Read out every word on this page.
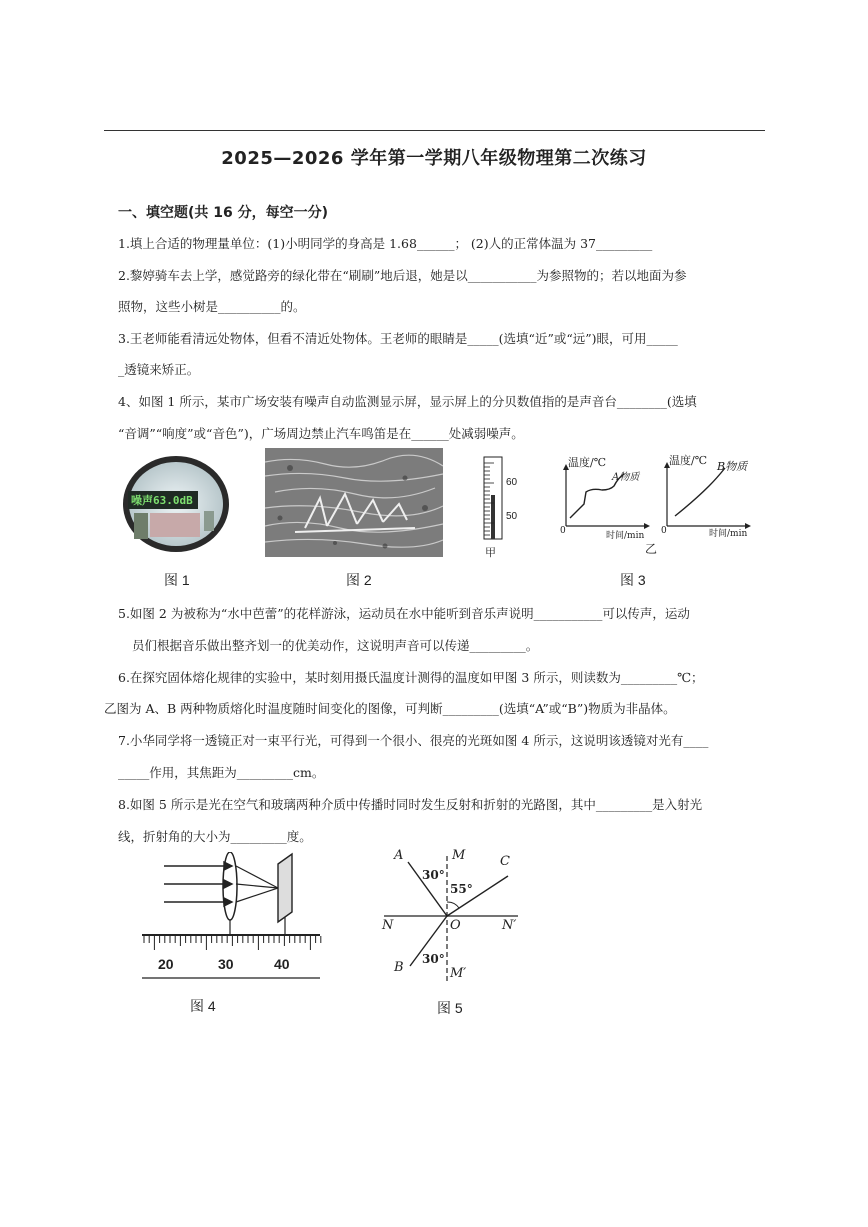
2025—2026 学年第一学期八年级物理第二次练习
一、填空题(共 16 分，每空一分)
1.填上合适的物理量单位：(1)小明同学的身高是 1.68______； (2)人的正常体温为 37_________
2.黎婷骑车去上学，感觉路旁的绿化带在“刷刷”地后退，她是以___________为参照物的；若以地面为参
照物，这些小树是__________的。
3.王老师能看清远处物体，但看不清近处物体。王老师的眼睛是_____(选填“近”或“远”)眼，可用_____
_透镜来矫正。
4、如图 1 所示，某市广场安装有噪声自动监测显示屏，显示屏上的分贝数值指的是声音台________(选填
“音调”“响度”或“音色”)，广场周边禁止汽车鸣笛是在______处减弱噪声。
噪声63.0dB
图 1	图 2
60
50
甲
温度/℃
A物质
0	时间/min
温度/℃ B物质
0	时间/min
乙
图 3
5.如图 2 为被称为“水中芭蕾”的花样游泳，运动员在水中能听到音乐声说明___________可以传声，运动
员们根据音乐做出整齐划一的优美动作，这说明声音可以传递_________。
6.在探究固体熔化规律的实验中，某时刻用摄氏温度计测得的温度如甲图 3 所示，则读数为_________℃；
乙图为 A、B 两种物质熔化时温度随时间变化的图像，可判断_________(选填“A”或“B”)物质为非晶体。
7.小华同学将一透镜正对一束平行光，可得到一个很小、很亮的光斑如图 4 所示，这说明该透镜对光有____
_____作用，其焦距为_________cm。
8.如图 5 所示是光在空气和玻璃两种介质中传播时同时发生反射和折射的光路图，其中_________是入射光
线，折射角的大小为_________度。
20	30	40
图 4
A	M	C
30°
55°
N	O	N′
B
30°
M′
图 5
